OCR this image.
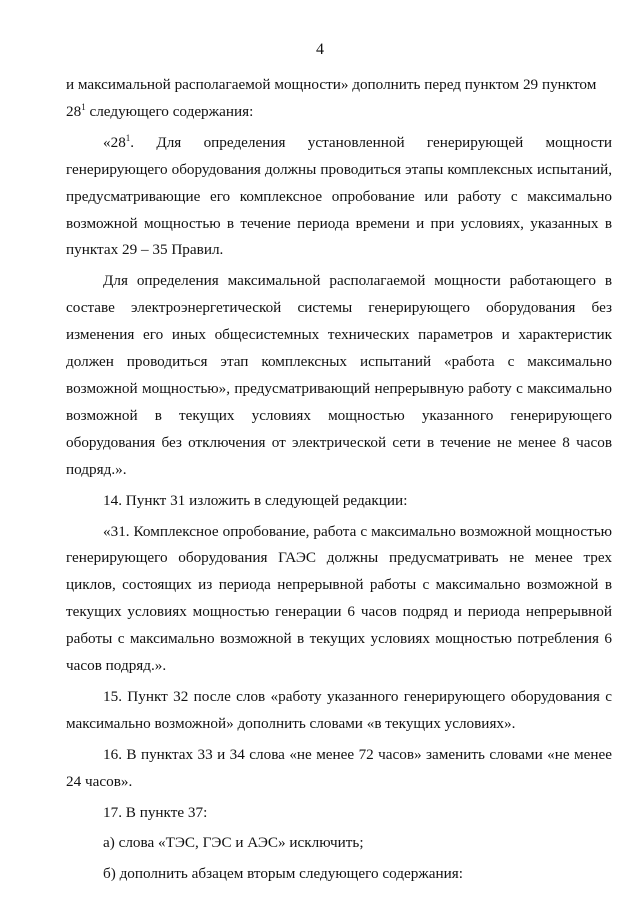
4

и максимальной располагаемой мощности» дополнить перед пунктом 29 пунктом

$28^1$ следующего содержания:

«$28^1$. Для определения установленной генерирующей мощности генерирующего оборудования должны проводиться этапы комплексных испытаний, предусматривающие его комплексное опробование или работу с максимально возможной мощностью в течение периода времени и при условиях, указанных в пунктах 29 – 35 Правил.

Для определения максимальной располагаемой мощности работающего в составе электроэнергетической системы генерирующего оборудования без изменения его иных общесистемных технических параметров и характеристик должен проводиться этап комплексных испытаний «работа с максимально возможной мощностью», предусматривающий непрерывную работу с максимально возможной в текущих условиях мощностью указанного генерирующего оборудования без отключения от электрической сети в течение не менее 8 часов подряд.».

14. Пункт 31 изложить в следующей редакции:

«31. Комплексное опробование, работа с максимально возможной мощностью генерирующего оборудования ГАЭС должны предусматривать не менее трех циклов, состоящих из периода непрерывной работы с максимально возможной в текущих условиях мощностью генерации 6 часов подряд и периода непрерывной работы с максимально возможной в текущих условиях мощностью потребления 6 часов подряд.».

15. Пункт 32 после слов «работу указанного генерирующего оборудования с максимально возможной» дополнить словами «в текущих условиях».

16. В пунктах 33 и 34 слова «не менее 72 часов» заменить словами «не менее 24 часов».

17. В пункте 37:

а) слова «ТЭС, ГЭС и АЭС» исключить;

б) дополнить абзацем вторым следующего содержания:
